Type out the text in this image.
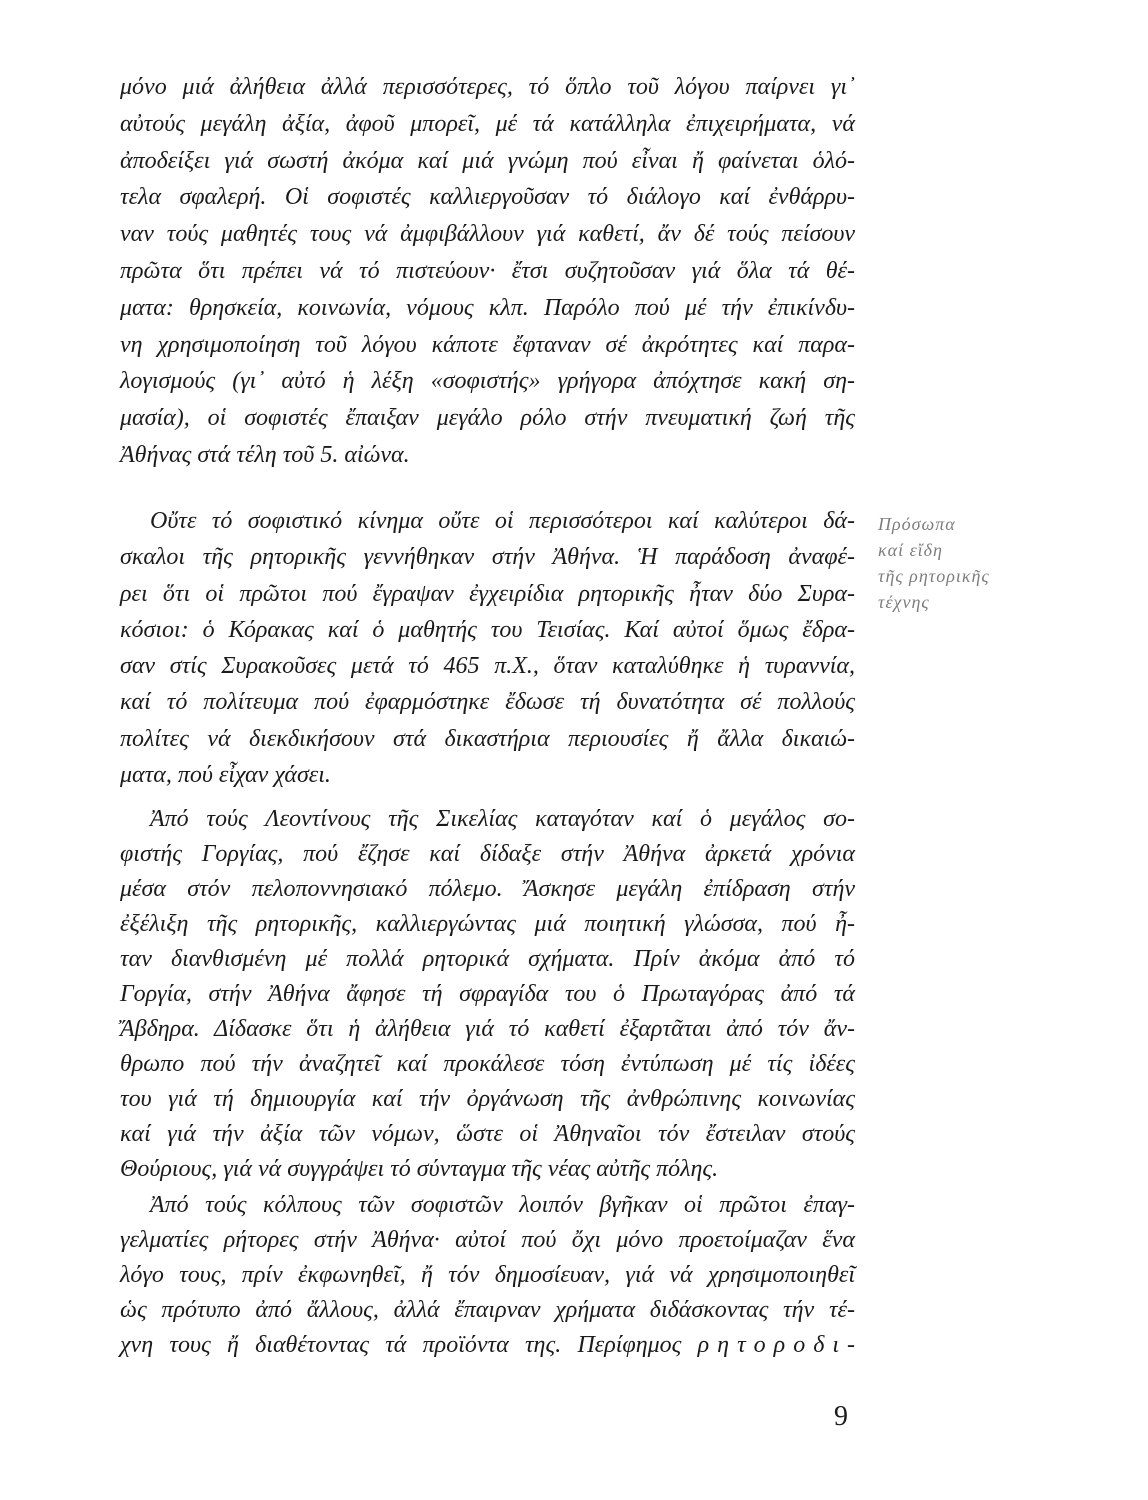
μόνο μιά ἀλήθεια ἀλλά περισσότερες, τό ὅπλο τοῦ λόγου παίρνει γι᾽
αὐτούς μεγάλη ἀξία, ἀφοῦ μπορεῖ, μέ τά κατάλληλα ἐπιχειρήματα, νά
ἀποδείξει γιά σωστή ἀκόμα καί μιά γνώμη πού εἶναι ἤ φαίνεται ὁλό-
τελα σφαλερή. Οἱ σοφιστές καλλιεργοῦσαν τό διάλογο καί ἐνθάρρυ-
ναν τούς μαθητές τους νά ἀμφιβάλλουν γιά καθετί, ἄν δέ τούς πείσουν
πρῶτα ὅτι πρέπει νά τό πιστεύουν· ἔτσι συζητοῦσαν γιά ὅλα τά θέ-
ματα: θρησκεία, κοινωνία, νόμους κλπ. Παρόλο πού μέ τήν ἐπικίνδυ-
νη χρησιμοποίηση τοῦ λόγου κάποτε ἔφταναν σέ ἀκρότητες καί παρα-
λογισμούς (γι᾽ αὐτό ἡ λέξη «σοφιστής» γρήγορα ἀπόχτησε κακή ση-
μασία), οἱ σοφιστές ἔπαιξαν μεγάλο ρόλο στήν πνευματική ζωή τῆς
Ἀθήνας στά τέλη τοῦ 5. αἰώνα.
Οὔτε τό σοφιστικό κίνημα οὔτε οἱ περισσότεροι καί καλύτεροι δά-
σκαλοι τῆς ρητορικῆς γεννήθηκαν στήν Ἀθήνα. Ἡ παράδοση ἀναφέ-
ρει ὅτι οἱ πρῶτοι πού ἔγραψαν ἐγχειρίδια ρητορικῆς ἦταν δύο Συρα-
κόσιοι: ὁ Κόρακας καί ὁ μαθητής του Τεισίας. Καί αὐτοί ὅμως ἔδρα-
σαν στίς Συρακοῦσες μετά τό 465 π.Χ., ὅταν καταλύθηκε ἡ τυραννία,
καί τό πολίτευμα πού ἐφαρμόστηκε ἔδωσε τή δυνατότητα σέ πολλούς
πολίτες νά διεκδικήσουν στά δικαστήρια περιουσίες ἤ ἄλλα δικαιώ-
ματα, πού εἶχαν χάσει.
Ἀπό τούς Λεοντίνους τῆς Σικελίας καταγόταν καί ὁ μεγάλος σο-
φιστής Γοργίας, πού ἔζησε καί δίδαξε στήν Ἀθήνα ἀρκετά χρόνια
μέσα στόν πελοποννησιακό πόλεμο. Ἄσκησε μεγάλη ἐπίδραση στήν
ἐξέλιξη τῆς ρητορικῆς, καλλιεργώντας μιά ποιητική γλώσσα, πού ἦ-
ταν διανθισμένη μέ πολλά ρητορικά σχήματα. Πρίν ἀκόμα ἀπό τό
Γοργία, στήν Ἀθήνα ἄφησε τή σφραγίδα του ὁ Πρωταγόρας ἀπό τά
Ἄβδηρα. Δίδασκε ὅτι ἡ ἀλήθεια γιά τό καθετί ἐξαρτᾶται ἀπό τόν ἄν-
θρωπο πού τήν ἀναζητεῖ καί προκάλεσε τόση ἐντύπωση μέ τίς ἰδέες
του γιά τή δημιουργία καί τήν ὀργάνωση τῆς ἀνθρώπινης κοινωνίας
καί γιά τήν ἀξία τῶν νόμων, ὥστε οἱ Ἀθηναῖοι τόν ἔστειλαν στούς
Θούριους, γιά νά συγγράψει τό σύνταγμα τῆς νέας αὐτῆς πόλης.
Ἀπό τούς κόλπους τῶν σοφιστῶν λοιπόν βγῆκαν οἱ πρῶτοι ἐπαγ-
γελματίες ρήτορες στήν Ἀθήνα· αὐτοί πού ὄχι μόνο προετοίμαζαν ἕνα
λόγο τους, πρίν ἐκφωνηθεῖ, ἤ τόν δημοσίευαν, γιά νά χρησιμοποιηθεῖ
ὡς πρότυπο ἀπό ἄλλους, ἀλλά ἔπαιρναν χρήματα διδάσκοντας τήν τέ-
χνη τους ἤ διαθέτοντας τά προϊόντα της. Περίφημος ρητοροδι-
Πρόσωπα
καί εἴδη
τῆς ρητορικῆς
τέχνης
9
